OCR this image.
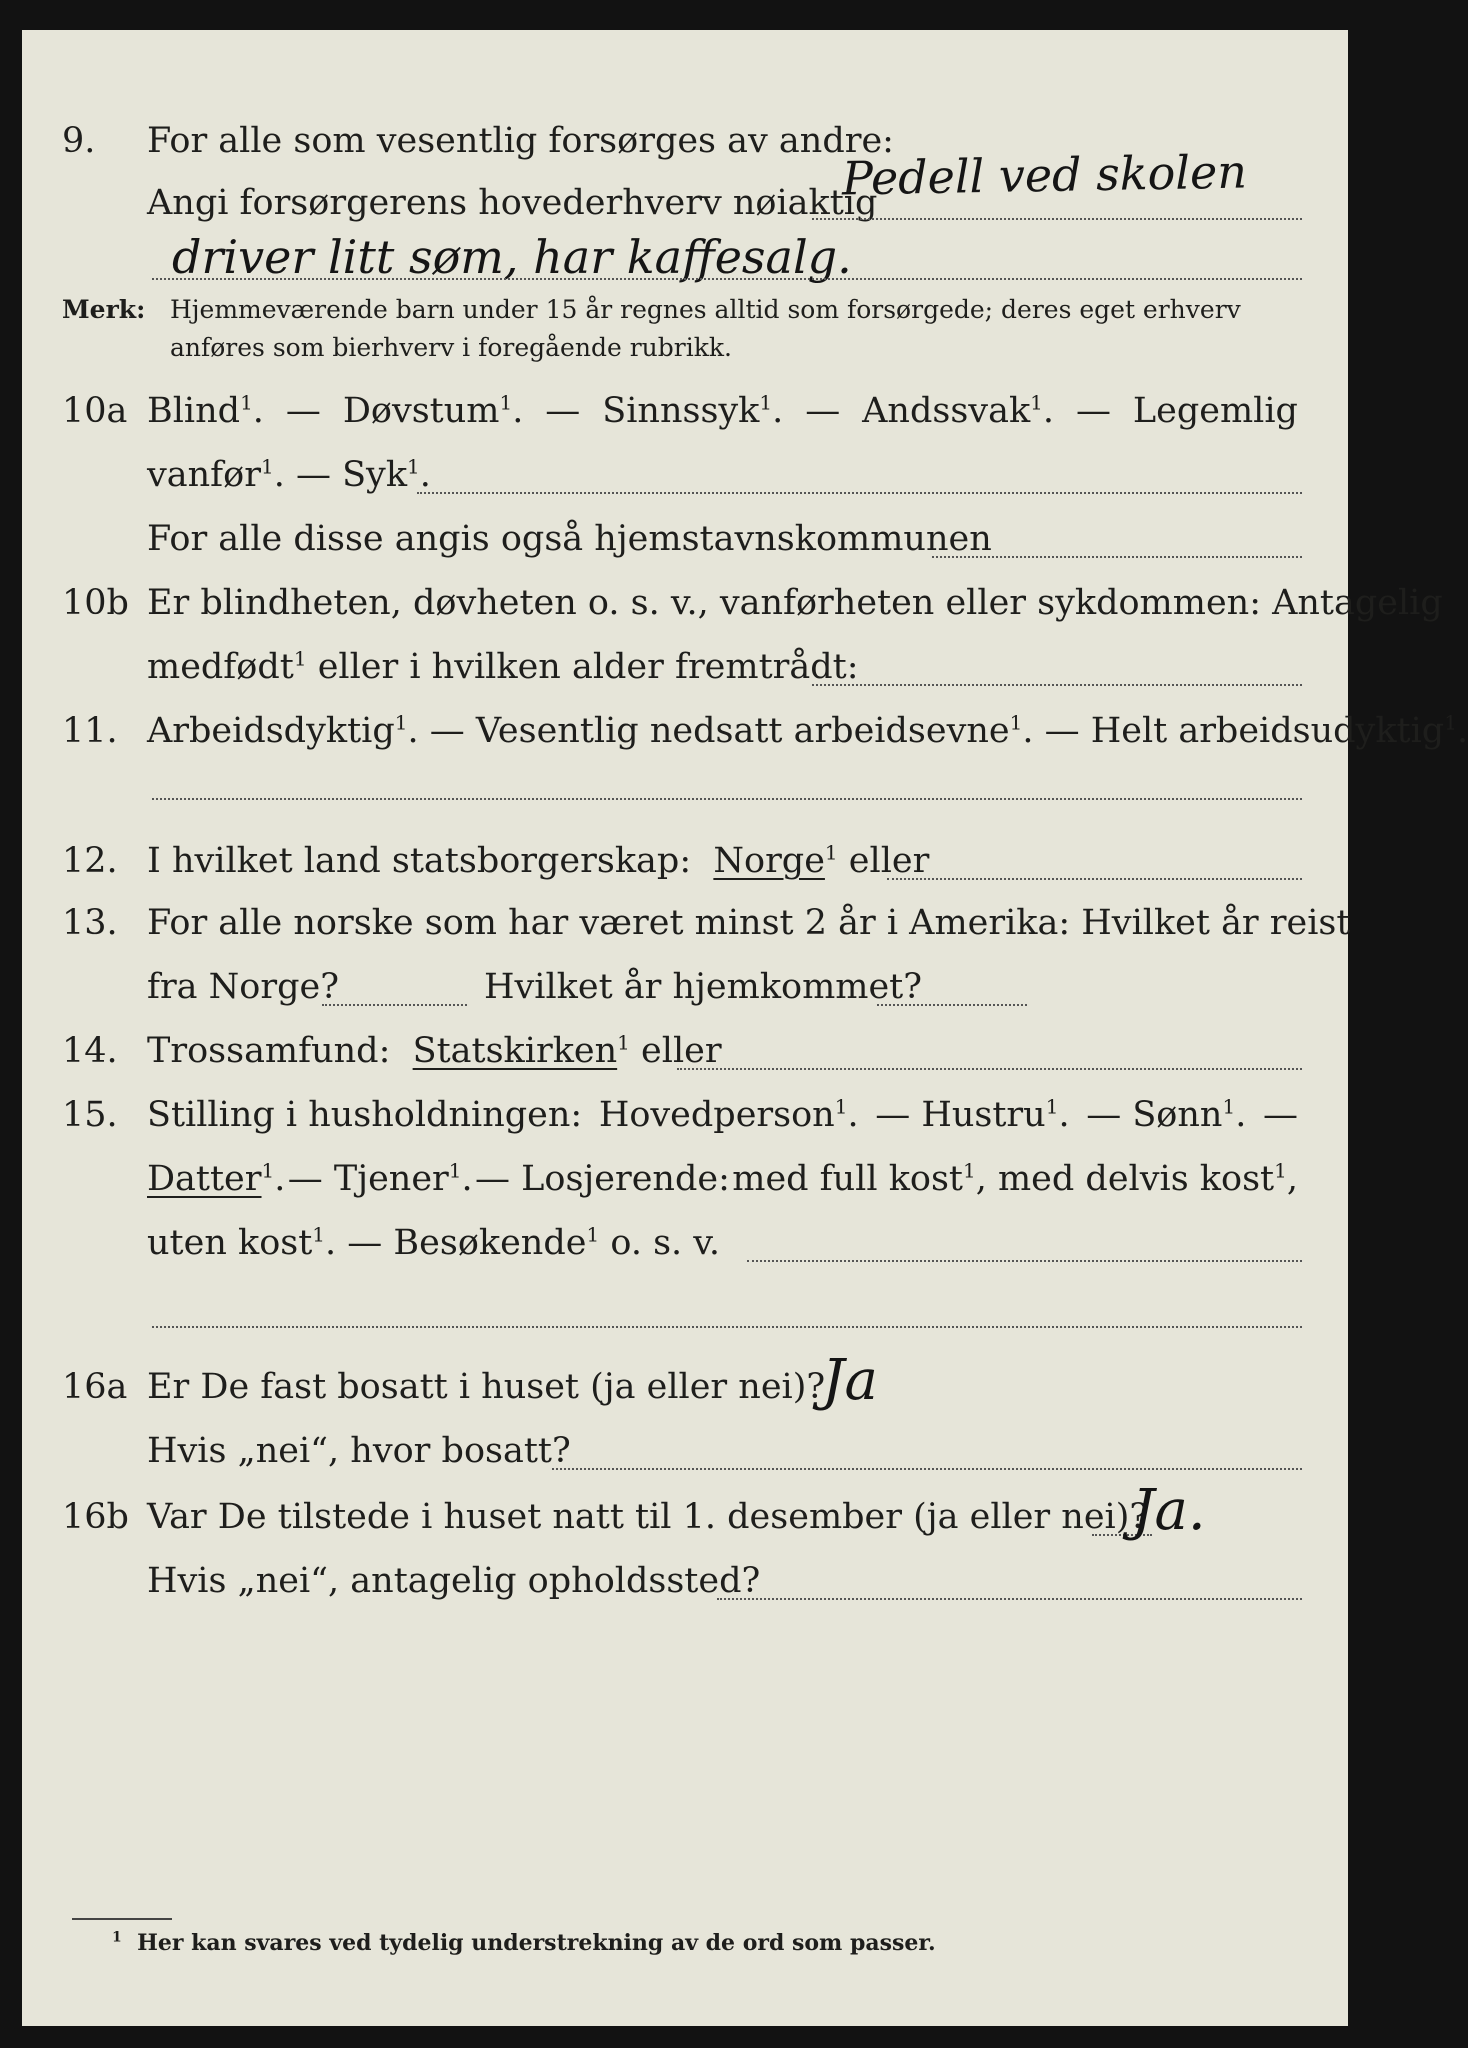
9. For alle som vesentlig forsørges av andre:
Pedell ved skolen
Angi forsørgerens hovederhverv nøiaktig
driver litt søm, har kaffesalg.
Merk: Hjemmeværende barn under 15 år regnes alltid som forsørgede; deres eget erhverv
anføres som bierhverv i foregående rubrikk.
10a Blind$^1$. — Døvstum$^1$. — Sinnssyk$^1$. — Andssvak$^1$. — Legemlig
vanfør$^1$. — Syk$^1$.
For alle disse angis også hjemstavnskommunen
10b Er blindheten, døvheten o. s. v., vanførheten eller sykdommen: Antagelig
medfødt$^1$ eller i hvilken alder fremtrådt:
11. Arbeidsdyktig$^1$. — Vesentlig nedsatt arbeidsevne$^1$. — Helt arbeidsudyktig$^1$.
12. I hvilket land statsborgerskap: Norge$^1$ eller
13. For alle norske som har været minst 2 år i Amerika: Hvilket år reist
fra Norge?	Hvilket år hjemkommet?
14. Trossamfund: Statskirken$^1$ eller
15. Stilling i husholdningen: Hovedperson$^1$. — Hustru$^1$. — Sønn$^1$. —
Datter$^1$. — Tjener$^1$. — Losjerende: med full kost$^1$, med delvis kost$^1$,
uten kost$^1$. — Besøkende$^1$ o. s. v.
16a Er De fast bosatt i huset (ja eller nei)?
Ja
Hvis „nei“, hvor bosatt?
16b Var De tilstede i huset natt til 1. desember (ja eller nei)?
Ja.
Hvis „nei“, antagelig opholdssted?
$^1$ Her kan svares ved tydelig understrekning av de ord som passer.
